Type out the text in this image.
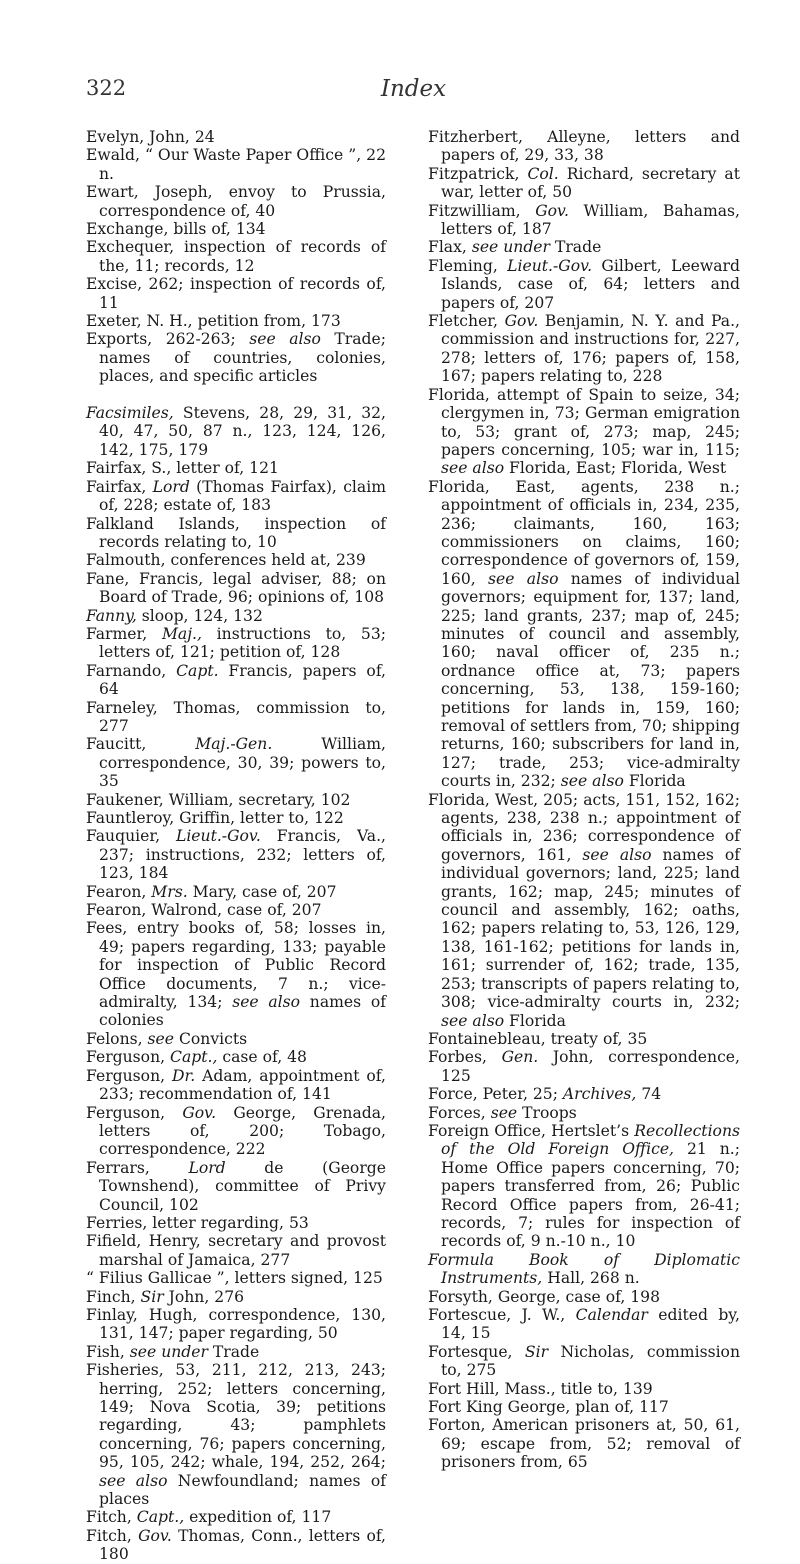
322	Index

Evelyn, John, 24

Ewald, “ Our Waste Paper Office ”, 22 n.

Ewart, Joseph, envoy to Prussia, correspondence of, 40

Exchange, bills of, 134

Exchequer, inspection of records of the, 11; records, 12

Excise, 262; inspection of records of, 11

Exeter, N. H., petition from, 173

Exports, 262-263; see also Trade; names of countries, colonies, places, and specific articles

Facsimiles, Stevens, 28, 29, 31, 32, 40, 47, 50, 87 n., 123, 124, 126, 142, 175, 179

Fairfax, S., letter of, 121

Fairfax, Lord (Thomas Fairfax), claim of, 228; estate of, 183

Falkland Islands, inspection of records relating to, 10

Falmouth, conferences held at, 239

Fane, Francis, legal adviser, 88; on Board of Trade, 96; opinions of, 108

Fanny, sloop, 124, 132

Farmer, Maj., instructions to, 53; letters of, 121; petition of, 128

Farnando, Capt. Francis, papers of, 64

Farneley, Thomas, commission to, 277

Faucitt, Maj.-Gen. William, correspondence, 30, 39; powers to, 35

Faukener, William, secretary, 102

Fauntleroy, Griffin, letter to, 122

Fauquier, Lieut.-Gov. Francis, Va., 237; instructions, 232; letters of, 123, 184

Fearon, Mrs. Mary, case of, 207

Fearon, Walrond, case of, 207

Fees, entry books of, 58; losses in, 49; papers regarding, 133; payable for inspection of Public Record Office documents, 7 n.; vice-admiralty, 134; see also names of colonies

Felons, see Convicts

Ferguson, Capt., case of, 48

Ferguson, Dr. Adam, appointment of, 233; recommendation of, 141

Ferguson, Gov. George, Grenada, letters of, 200; Tobago, correspondence, 222

Ferrars, Lord de (George Townshend), committee of Privy Council, 102

Ferries, letter regarding, 53

Fifield, Henry, secretary and provost marshal of Jamaica, 277

“ Filius Gallicae ”, letters signed, 125

Finch, Sir John, 276

Finlay, Hugh, correspondence, 130, 131, 147; paper regarding, 50

Fish, see under Trade

Fisheries, 53, 211, 212, 213, 243; herring, 252; letters concerning, 149; Nova Scotia, 39; petitions regarding, 43; pamphlets concerning, 76; papers concerning, 95, 105, 242; whale, 194, 252, 264; see also Newfoundland; names of places

Fitch, Capt., expedition of, 117

Fitch, Gov. Thomas, Conn., letters of, 180

Fitzherbert, Alleyne, letters and papers of, 29, 33, 38

Fitzpatrick, Col. Richard, secretary at war, letter of, 50

Fitzwilliam, Gov. William, Bahamas, letters of, 187

Flax, see under Trade

Fleming, Lieut.-Gov. Gilbert, Leeward Islands, case of, 64; letters and papers of, 207

Fletcher, Gov. Benjamin, N. Y. and Pa., commission and instructions for, 227, 278; letters of, 176; papers of, 158, 167; papers relating to, 228

Florida, attempt of Spain to seize, 34; clergymen in, 73; German emigration to, 53; grant of, 273; map, 245; papers concerning, 105; war in, 115; see also Florida, East; Florida, West

Florida, East, agents, 238 n.; appointment of officials in, 234, 235, 236; claimants, 160, 163; commissioners on claims, 160; correspondence of governors of, 159, 160, see also names of individual governors; equipment for, 137; land, 225; land grants, 237; map of, 245; minutes of council and assembly, 160; naval officer of, 235 n.; ordnance office at, 73; papers concerning, 53, 138, 159-160; petitions for lands in, 159, 160; removal of settlers from, 70; shipping returns, 160; subscribers for land in, 127; trade, 253; vice-admiralty courts in, 232; see also Florida

Florida, West, 205; acts, 151, 152, 162; agents, 238, 238 n.; appointment of officials in, 236; correspondence of governors, 161, see also names of individual governors; land, 225; land grants, 162; map, 245; minutes of council and assembly, 162; oaths, 162; papers relating to, 53, 126, 129, 138, 161-162; petitions for lands in, 161; surrender of, 162; trade, 135, 253; transcripts of papers relating to, 308; vice-admiralty courts in, 232; see also Florida

Fontainebleau, treaty of, 35

Forbes, Gen. John, correspondence, 125

Force, Peter, 25; Archives, 74

Forces, see Troops

Foreign Office, Hertslet’s Recollections of the Old Foreign Office, 21 n.; Home Office papers concerning, 70; papers transferred from, 26; Public Record Office papers from, 26-41; records, 7; rules for inspection of records of, 9 n.-10 n., 10

Formula Book of Diplomatic Instruments, Hall, 268 n.

Forsyth, George, case of, 198

Fortescue, J. W., Calendar edited by, 14, 15

Fortesque, Sir Nicholas, commission to, 275

Fort Hill, Mass., title to, 139

Fort King George, plan of, 117

Forton, American prisoners at, 50, 61, 69; escape from, 52; removal of prisoners from, 65
